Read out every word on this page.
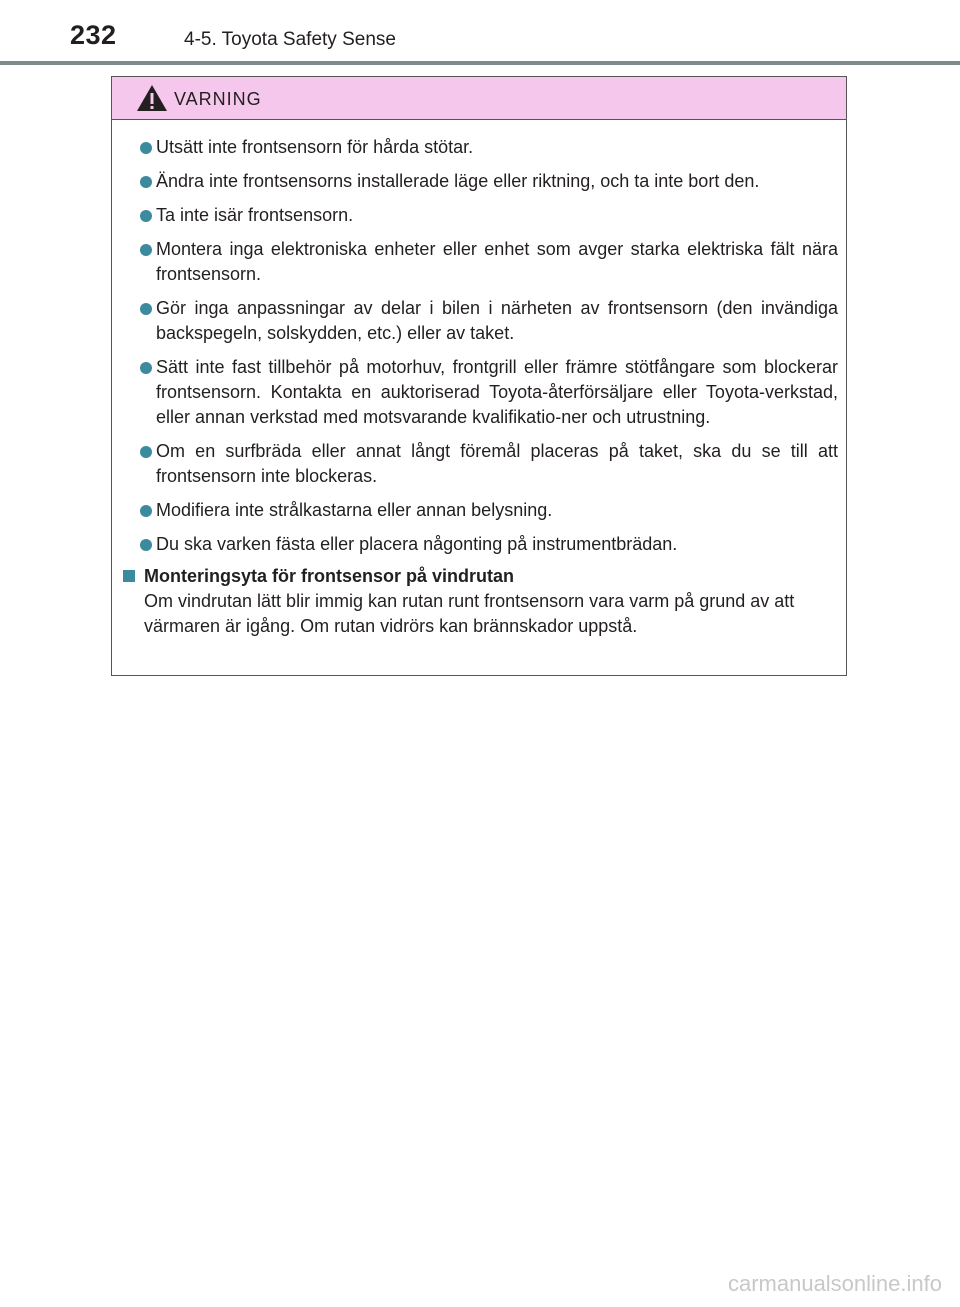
232	4-5. Toyota Safety Sense
VARNING
Utsätt inte frontsensorn för hårda stötar.
Ändra inte frontsensorns installerade läge eller riktning, och ta inte bort den.
Ta inte isär frontsensorn.
Montera inga elektroniska enheter eller enhet som avger starka elektriska fält nära frontsensorn.
Gör inga anpassningar av delar i bilen i närheten av frontsensorn (den invändiga backspegeln, solskydden, etc.) eller av taket.
Sätt inte fast tillbehör på motorhuv, frontgrill eller främre stötfångare som blockerar frontsensorn. Kontakta en auktoriserad Toyota-återförsäljare eller Toyota-verkstad, eller annan verkstad med motsvarande kvalifikatio-ner och utrustning.
Om en surfbräda eller annat långt föremål placeras på taket, ska du se till att frontsensorn inte blockeras.
Modifiera inte strålkastarna eller annan belysning.
Du ska varken fästa eller placera någonting på instrumentbrädan.
Monteringsyta för frontsensor på vindrutan
Om vindrutan lätt blir immig kan rutan runt frontsensorn vara varm på grund av att värmaren är igång. Om rutan vidrörs kan brännskador uppstå.
carmanualsonline.info
